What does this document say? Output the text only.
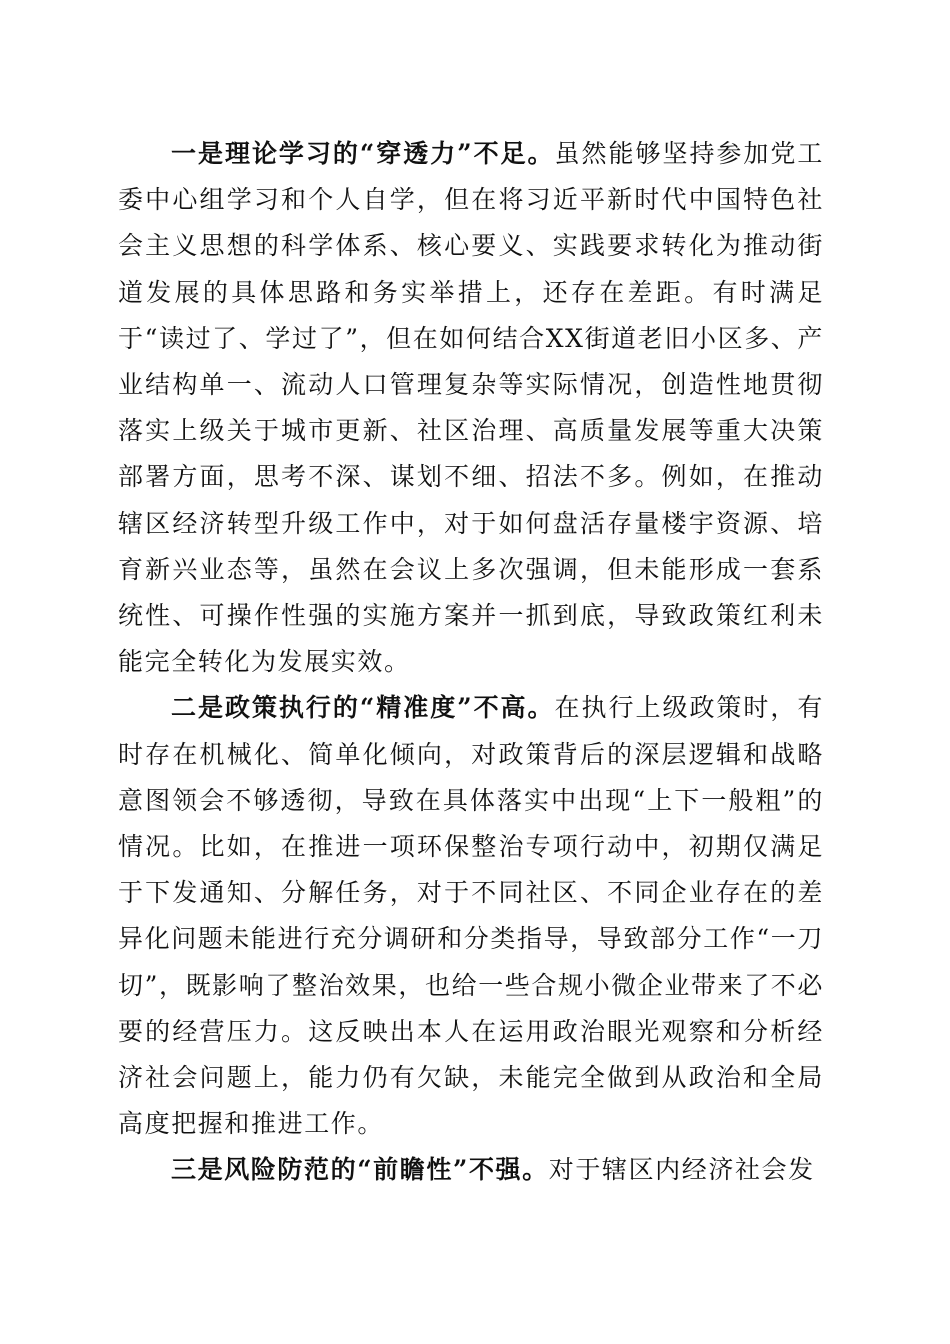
一是理论学习的“穿透力”不足。虽然能够坚持参加党工委中心组学习和个人自学，但在将习近平新时代中国特色社会主义思想的科学体系、核心要义、实践要求转化为推动街道发展的具体思路和务实举措上，还存在差距。有时满足于“读过了、学过了”，但在如何结合XX街道老旧小区多、产业结构单一、流动人口管理复杂等实际情况，创造性地贯彻落实上级关于城市更新、社区治理、高质量发展等重大决策部署方面，思考不深、谋划不细、招法不多。例如，在推动辖区经济转型升级工作中，对于如何盘活存量楼宇资源、培育新兴业态等，虽然在会议上多次强调，但未能形成一套系统性、可操作性强的实施方案并一抓到底，导致政策红利未能完全转化为发展实效。

二是政策执行的“精准度”不高。在执行上级政策时，有时存在机械化、简单化倾向，对政策背后的深层逻辑和战略意图领会不够透彻，导致在具体落实中出现“上下一般粗”的情况。比如，在推进一项环保整治专项行动中，初期仅满足于下发通知、分解任务，对于不同社区、不同企业存在的差异化问题未能进行充分调研和分类指导，导致部分工作“一刀切”，既影响了整治效果，也给一些合规小微企业带来了不必要的经营压力。这反映出本人在运用政治眼光观察和分析经济社会问题上，能力仍有欠缺，未能完全做到从政治和全局高度把握和推进工作。

三是风险防范的“前瞻性”不强。对于辖区内经济社会发
